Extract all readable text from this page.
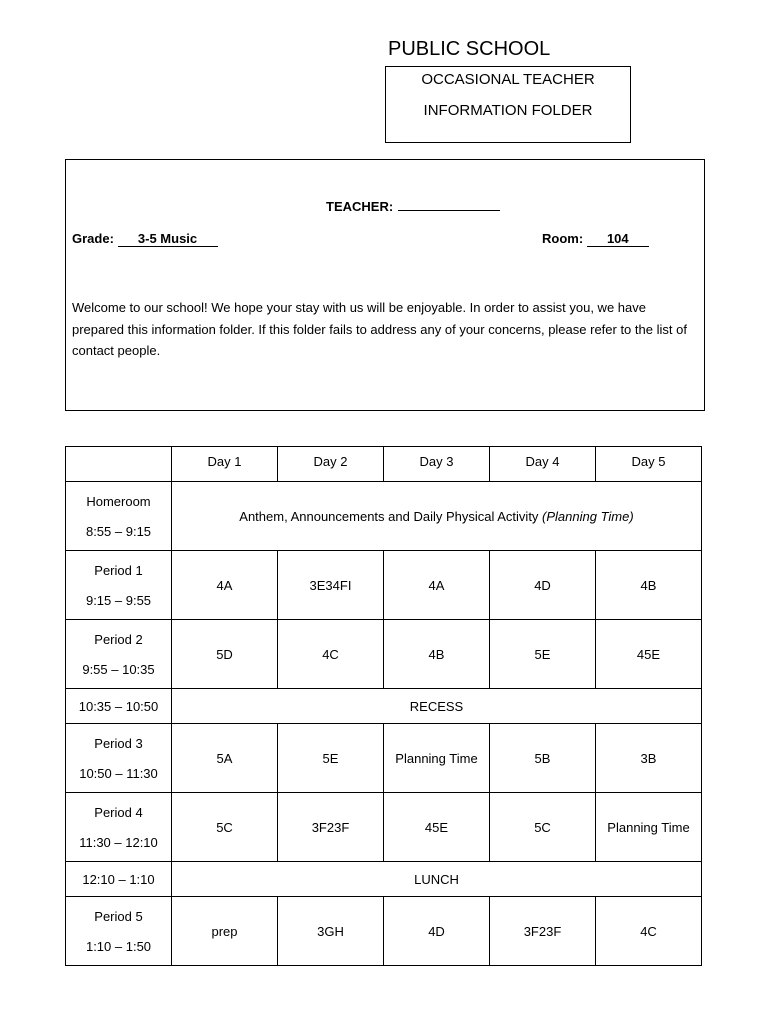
PUBLIC SCHOOL
OCCASIONAL TEACHER
INFORMATION FOLDER
TEACHER:
Grade: 3-5 Music	Room: 104
Welcome to our school! We hope your stay with us will be enjoyable. In order to assist you, we have prepared this information folder. If this folder fails to address any of your concerns, please refer to the list of contact people.
	Day 1	Day 2	Day 3	Day 4	Day 5

Homeroom
8:55 – 9:15	Anthem, Announcements and Daily Physical Activity (Planning Time)				

Period 1
9:15 – 9:55	4A	3E34FI	4A	4D	4B

Period 2
9:55 – 10:35	5D	4C	4B	5E	45E
10:35 – 10:50	RECESS				

Period 3
10:50 – 11:30	5A	5E	Planning Time	5B	3B

Period 4
11:30 – 12:10	5C	3F23F	45E	5C	Planning Time
12:10 – 1:10	LUNCH				

Period 5
1:10 – 1:50	prep	3GH	4D	3F23F	4C
